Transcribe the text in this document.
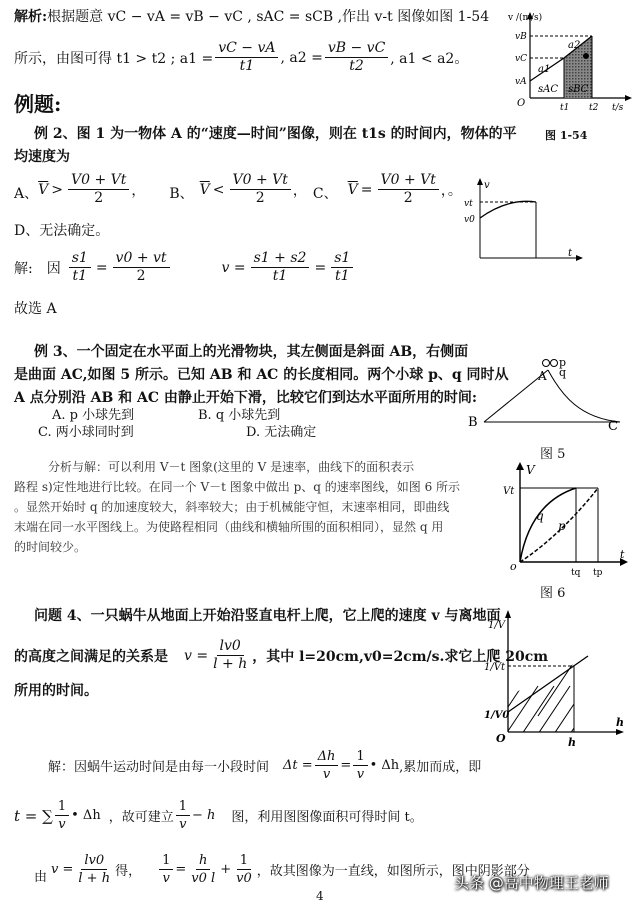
解析: 根据题意 vC − vA = vB − vC , sAC = sCB ,作出 v-t 图像如图 1-54
所示，由图可得 t1 > t2 ; $a1 = \frac{vC - vA}{t1}$ , $a2 = \frac{vB - vC}{t2}$ , a1 < a2。
v /(m/s)
vB
vC
vA
O
a1
a2
sAC sBC
t1 t2 t/s
图 1-54
例题:
例 2、图 1 为一物体 A 的“速度—时间”图像，则在 t1s 的时间内，物体的平
均速度为
A、 $\overline{V} > \frac{V0 + Vt}{2}$ ， B、 $\overline{V} < \frac{V0 + Vt}{2}$ ， C、 $\overline{V} = \frac{V0 + Vt}{2}$ ，。
D、无法确定。
解: 因 $\frac{s1}{t1} = \frac{v0 + vt}{2}$	$v = \frac{s1 + s2}{t1} = \frac{s1}{t1}$
故选 A
v
vt
v0
t
例 3、一个固定在水平面上的光滑物块，其左侧面是斜面 AB，右侧面
是曲面 AC,如图 5 所示。已知 AB 和 AC 的长度相同。两个小球 p、q 同时从
A 点分别沿 AB 和 AC 由静止开始下滑，比较它们到达水平面所用的时间:
A. p 小球先到	B. q 小球先到
C. 两小球同时到	D. 无法确定
A
p
q
B	C
图 5
分析与解：可以利用 V－t 图象(这里的 V 是速率，曲线下的面积表示
路程 s)定性地进行比较。在同一个 V－t 图象中做出 p、q 的速率图线，如图 6 所示
。显然开始时 q 的加速度较大，斜率较大；由于机械能守恒，末速率相同，即曲线
末端在同一水平图线上。为使路程相同（曲线和横轴所围的面积相同），显然 q 用
的时间较少。
V
Vt
q
p
o	tq tp
t
图 6
问题 4、一只蜗牛从地面上开始沿竖直电杆上爬，它上爬的速度 v 与离地面
的高度之间满足的关系是 $v = \frac{lv0}{l + h}$ ，其中 l=20cm,v0=2cm/s.求它上爬 20cm
所用的时间。
1/V
1/Vt
1/V0
O	h
h
解：因蜗牛运动时间是由每一小段时间 $\Delta t = \frac{\Delta h}{v} = \frac{1}{v}$ • Δh ,累加而成，即
t = ∑ $\frac{1}{v}$ • Δh ，故可建立 $\frac{1}{v} - h$ 图，利用图图像面积可得时间 t。
由
$v = \frac{lv0}{l + h}$ 得， $\frac{1}{v} = \frac{h}{v0 l} + \frac{1}{v0}$ ，故其图像为一直线，如图所示，图中阴影部分
4
头条 @高中物理王老师
